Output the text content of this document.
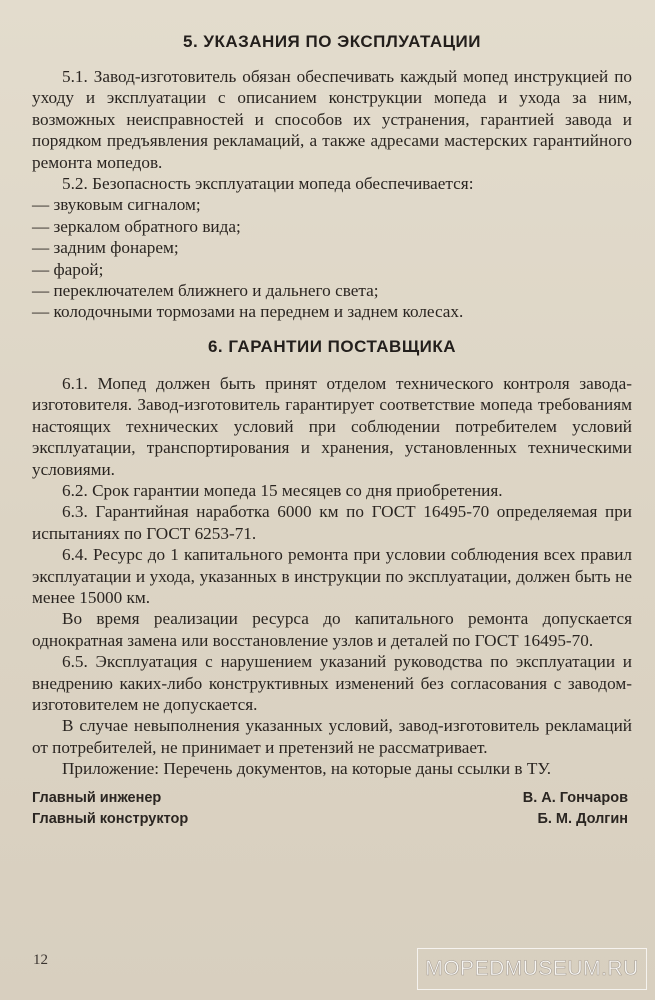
5. УКАЗАНИЯ ПО ЭКСПЛУАТАЦИИ

5.1. Завод-изготовитель обязан обеспечивать каждый мопед инструкцией по уходу и эксплуатации с описанием конструкции мопеда и ухода за ним, возможных неисправностей и способов их устранения, гарантией завода и порядком предъявления рекламаций, а также адресами мастерских гарантийного ремонта мопедов.

5.2. Безопасность эксплуатации мопеда обеспечивается:

— звуковым сигналом;

— зеркалом обратного вида;

— задним фонарем;

— фарой;

— переключателем ближнего и дальнего света;

— колодочными тормозами на переднем и заднем колесах.

6. ГАРАНТИИ ПОСТАВЩИКА

6.1. Мопед должен быть принят отделом технического контроля завода-изготовителя. Завод-изготовитель гарантирует соответствие мопеда требованиям настоящих технических условий при соблюдении потребителем условий эксплуатации, транспортирования и хранения, установленных техническими условиями.

6.2. Срок гарантии мопеда 15 месяцев со дня приобретения.

6.3. Гарантийная наработка 6000 км по ГОСТ 16495-70 определяемая при испытаниях по ГОСТ 6253-71.

6.4. Ресурс до 1 капитального ремонта при условии соблюдения всех правил эксплуатации и ухода, указанных в инструкции по эксплуатации, должен быть не менее 15000 км.

Во время реализации ресурса до капитального ремонта допускается однократная замена или восстановление узлов и деталей по ГОСТ 16495-70.

6.5. Эксплуатация с нарушением указаний руководства по эксплуатации и внедрению каких-либо конструктивных изменений без согласования с заводом-изготовителем не допускается.

В случае невыполнения указанных условий, завод-изготовитель рекламаций от потребителей, не принимает и претензий не рассматривает.

Приложение: Перечень документов, на которые даны ссылки в ТУ.

Главный инженер	В. А. Гончаров
Главный конструктор	Б. М. Долгин
12	MOPEDMUSEUM.RU
